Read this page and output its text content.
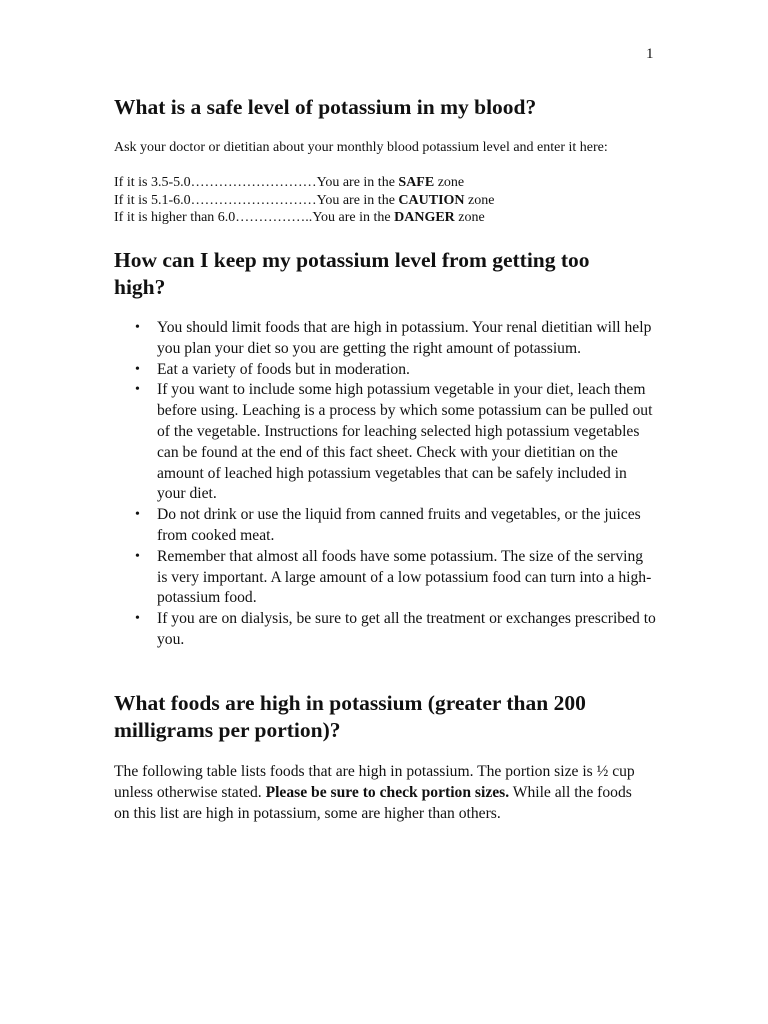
1
What is a safe level of potassium in my blood?

Ask your doctor or dietitian about your monthly blood potassium level and enter it here:

If it is 3.5-5.0………………………You are in the SAFE zone
If it is 5.1-6.0………………………You are in the CAUTION zone
If it is higher than 6.0……………..You are in the DANGER zone
How can I keep my potassium level from getting too high?
• You should limit foods that are high in potassium. Your renal dietitian will help you plan your diet so you are getting the right amount of potassium.
• Eat a variety of foods but in moderation.
• If you want to include some high potassium vegetable in your diet, leach them before using. Leaching is a process by which some potassium can be pulled out of the vegetable. Instructions for leaching selected high potassium vegetables can be found at the end of this fact sheet. Check with your dietitian on the amount of leached high potassium vegetables that can be safely included in your diet.
• Do not drink or use the liquid from canned fruits and vegetables, or the juices from cooked meat.
• Remember that almost all foods have some potassium. The size of the serving is very important. A large amount of a low potassium food can turn into a high- potassium food.
• If you are on dialysis, be sure to get all the treatment or exchanges prescribed to you.
What foods are high in potassium (greater than 200 milligrams per portion)?

The following table lists foods that are high in potassium. The portion size is ½ cup unless otherwise stated. Please be sure to check portion sizes. While all the foods on this list are high in potassium, some are higher than others.
